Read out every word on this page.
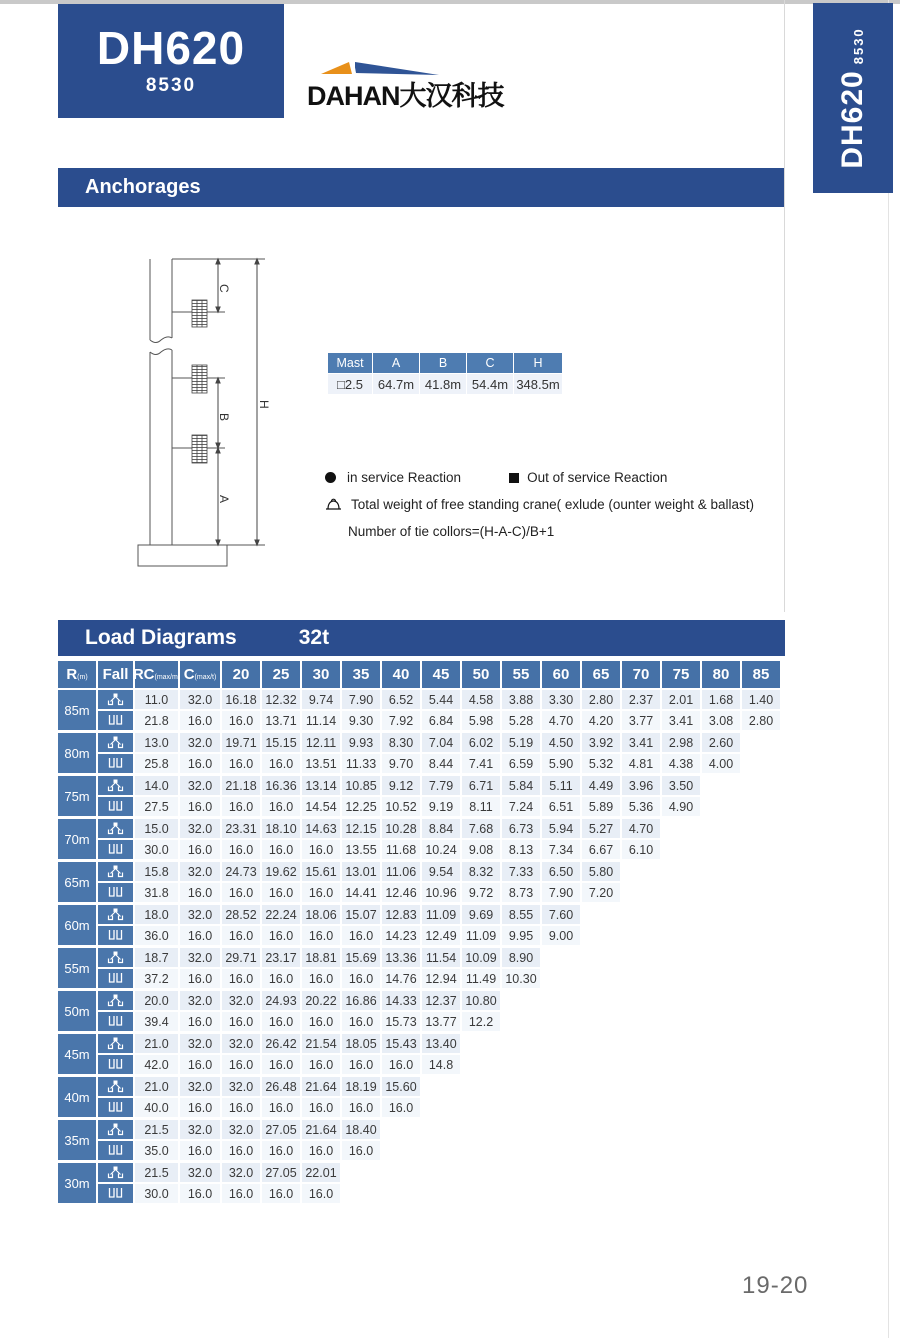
DH620
8530	DAHAN大汉科技	DH620
8530
Anchorages
C
B
A
H
Mast	A	B	C	H
□2.5	64.7m 41.8m 54.4m 348.5m
in service Reaction	Out of service Reaction
Total weight of free standing crane( exlude (ounter weight & ballast)
Number of tie collors=(H-A-C)/B+1
Load Diagrams	32t
R (m) Fall RC (max/m) C (max/t)	20	25	30	35	40	45	50	55	60	65	70	75	80	85
85m
11.0	32.0	16.18 12.32 9.74	7.90	6.52	5.44	4.58	3.88	3.30	2.80	2.37	2.01	1.68	1.40
21.8	16.0	16.0 13.71 11.14	9.30	7.92	6.84	5.98	5.28	4.70	4.20	3.77	3.41	3.08	2.80
80m
13.0	32.0	19.71 15.15 12.11	9.93	8.30	7.04	6.02	5.19	4.50	3.92	3.41	2.98	2.60
25.8	16.0	16.0	16.0 13.51 11.33	9.70	8.44	7.41	6.59	5.90	5.32	4.81	4.38	4.00
75m
14.0	32.0	21.18 16.36 13.14 10.85 9.12	7.79	6.71	5.84	5.11	4.49	3.96	3.50
27.5	16.0	16.0	16.0 14.54 12.25 10.52 9.19	8.11	7.24	6.51	5.89	5.36	4.90
70m
15.0	32.0	23.31 18.10 14.63 12.15 10.28 8.84	7.68	6.73	5.94	5.27	4.70
30.0	16.0	16.0	16.0	16.0 13.55 11.68 10.24 9.08	8.13	7.34	6.67	6.10
65m
15.8	32.0	24.73 19.62 15.61 13.01 11.06	9.54	8.32	7.33	6.50	5.80
31.8	16.0	16.0	16.0	16.0 14.41 12.46 10.96 9.72	8.73	7.90	7.20
60m
18.0	32.0	28.52 22.24 18.06 15.07 12.83 11.09	9.69	8.55	7.60
36.0	16.0	16.0	16.0	16.0	16.0 14.23 12.49 11.09	9.95	9.00
55m
18.7	32.0	29.71 23.17 18.81 15.69 13.36 11.54 10.09 8.90
37.2	16.0	16.0	16.0	16.0	16.0 14.76 12.94 11.49 10.30
50m
20.0	32.0	32.0 24.93 20.22 16.86 14.33 12.37 10.80
39.4	16.0	16.0	16.0	16.0	16.0 15.73 13.77 12.2
45m
21.0	32.0	32.0 26.42 21.54 18.05 15.43 13.40
42.0	16.0	16.0	16.0	16.0	16.0	16.0	14.8
40m
21.0	32.0	32.0 26.48 21.64 18.19 15.60
40.0	16.0	16.0	16.0	16.0	16.0	16.0
35m
21.5	32.0	32.0 27.05 21.64 18.40
35.0	16.0	16.0	16.0	16.0	16.0
30m
21.5	32.0	32.0 27.05 22.01
30.0	16.0	16.0	16.0	16.0
19-20
